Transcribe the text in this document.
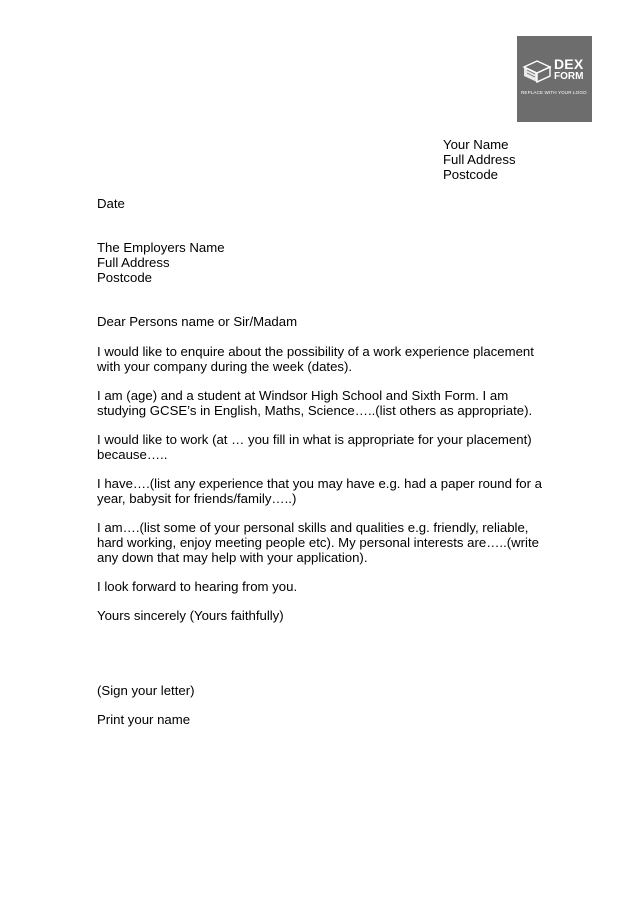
DEX
FORM
REPLACE WITH YOUR LOGO
Your Name
Full Address
Postcode
Date
The Employers Name
Full Address
Postcode
Dear Persons name or Sir/Madam
I would like to enquire about the possibility of a work experience placement
with your company during the week (dates).
I am (age) and a student at Windsor High School and Sixth Form. I am
studying GCSE’s in English, Maths, Science…..(list others as appropriate).
I would like to work (at … you fill in what is appropriate for your placement)
because…..
I have….(list any experience that you may have e.g. had a paper round for a
year, babysit for friends/family…..)
I am….(list some of your personal skills and qualities e.g. friendly, reliable,
hard working, enjoy meeting people etc). My personal interests are…..(write
any down that may help with your application).
I look forward to hearing from you.
Yours sincerely (Yours faithfully)
(Sign your letter)
Print your name
